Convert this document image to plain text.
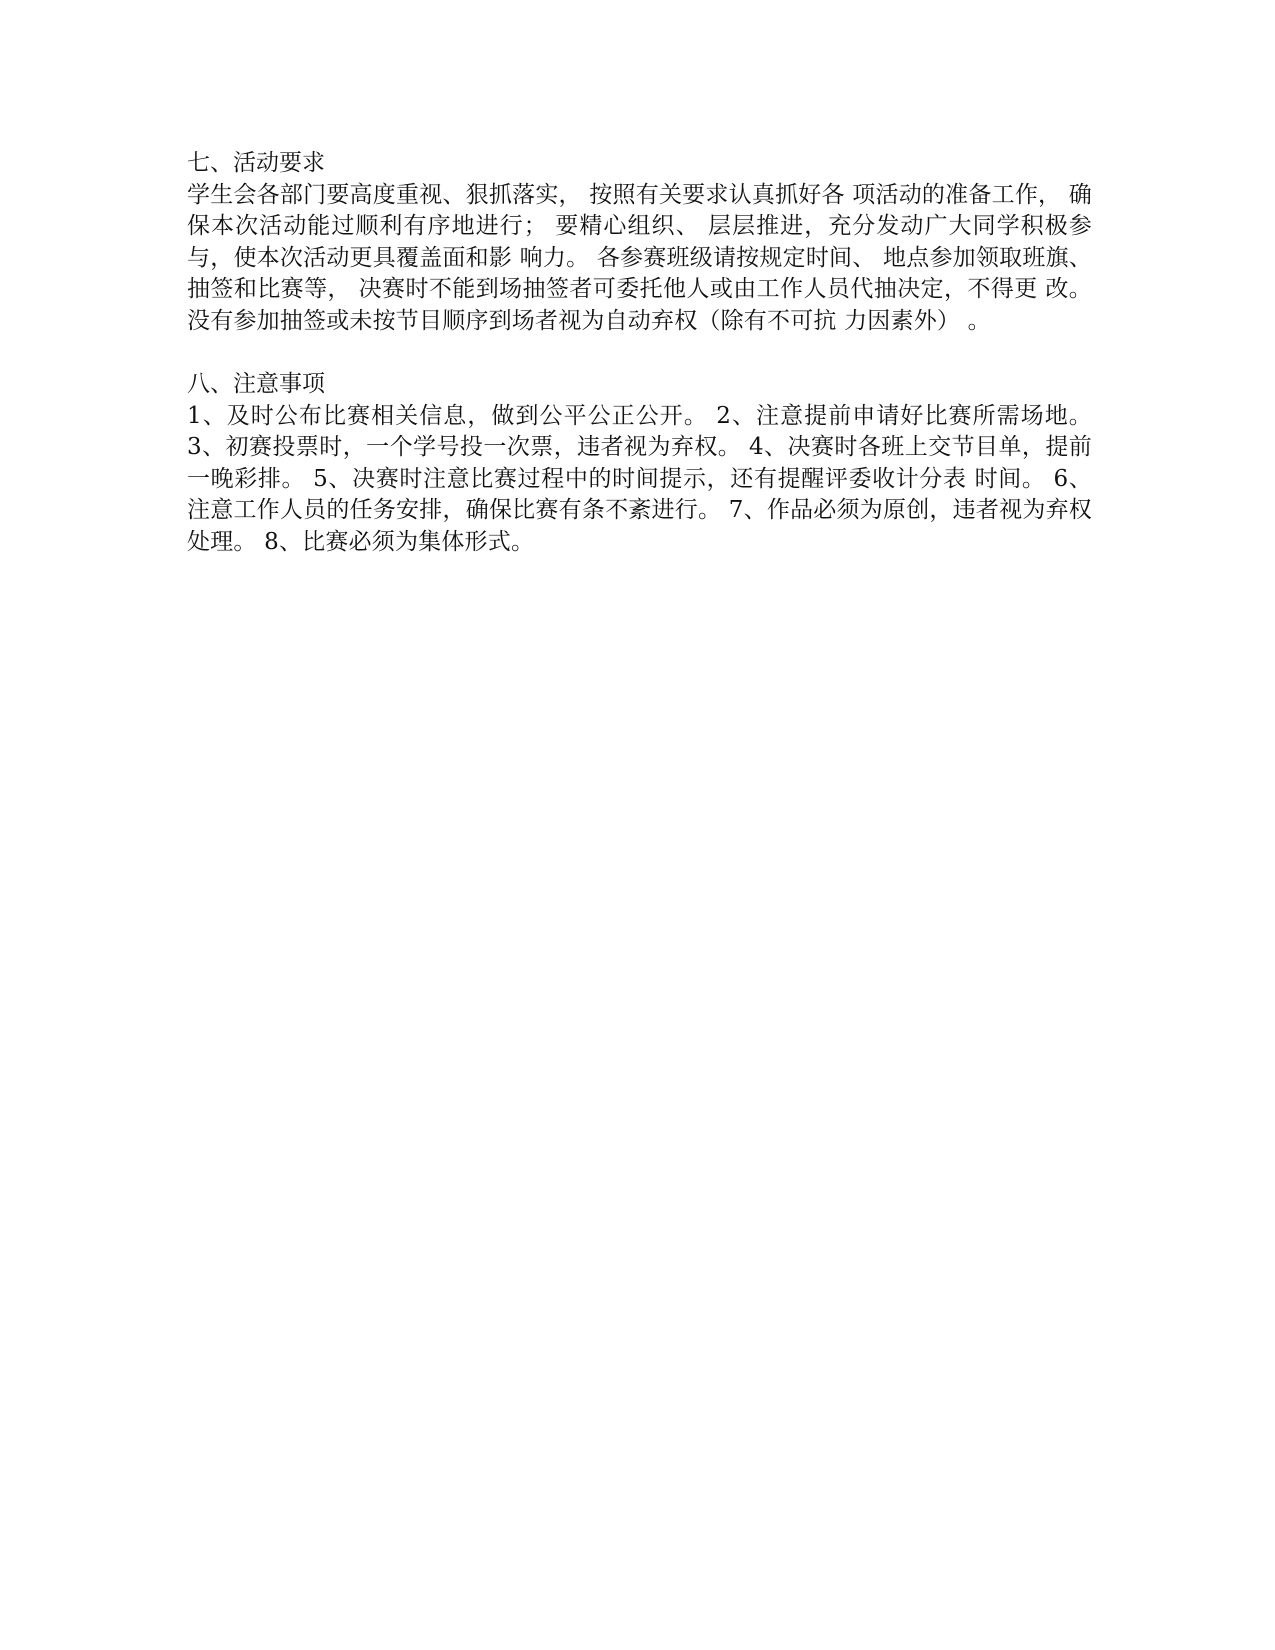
七、活动要求

学生会各部门要高度重视、狠抓落实， 按照有关要求认真抓好各 项活动的准备工作， 确保本次活动能过顺利有序地进行； 要精心组织、 层层推进，充分发动广大同学积极参与，使本次活动更具覆盖面和影 响力。 各参赛班级请按规定时间、 地点参加领取班旗、 抽签和比赛等， 决赛时不能到场抽签者可委托他人或由工作人员代抽决定，不得更 改。没有参加抽签或未按节目顺序到场者视为自动弃权（除有不可抗 力因素外） 。

八、注意事项

1、及时公布比赛相关信息，做到公平公正公开。 2、注意提前申请好比赛所需场地。 3、初赛投票时，一个学号投一次票，违者视为弃权。 4、决赛时各班上交节目单，提前一晚彩排。 5、决赛时注意比赛过程中的时间提示，还有提醒评委收计分表 时间。 6、注意工作人员的任务安排，确保比赛有条不紊进行。 7、作品必须为原创，违者视为弃权处理。 8、比赛必须为集体形式。
